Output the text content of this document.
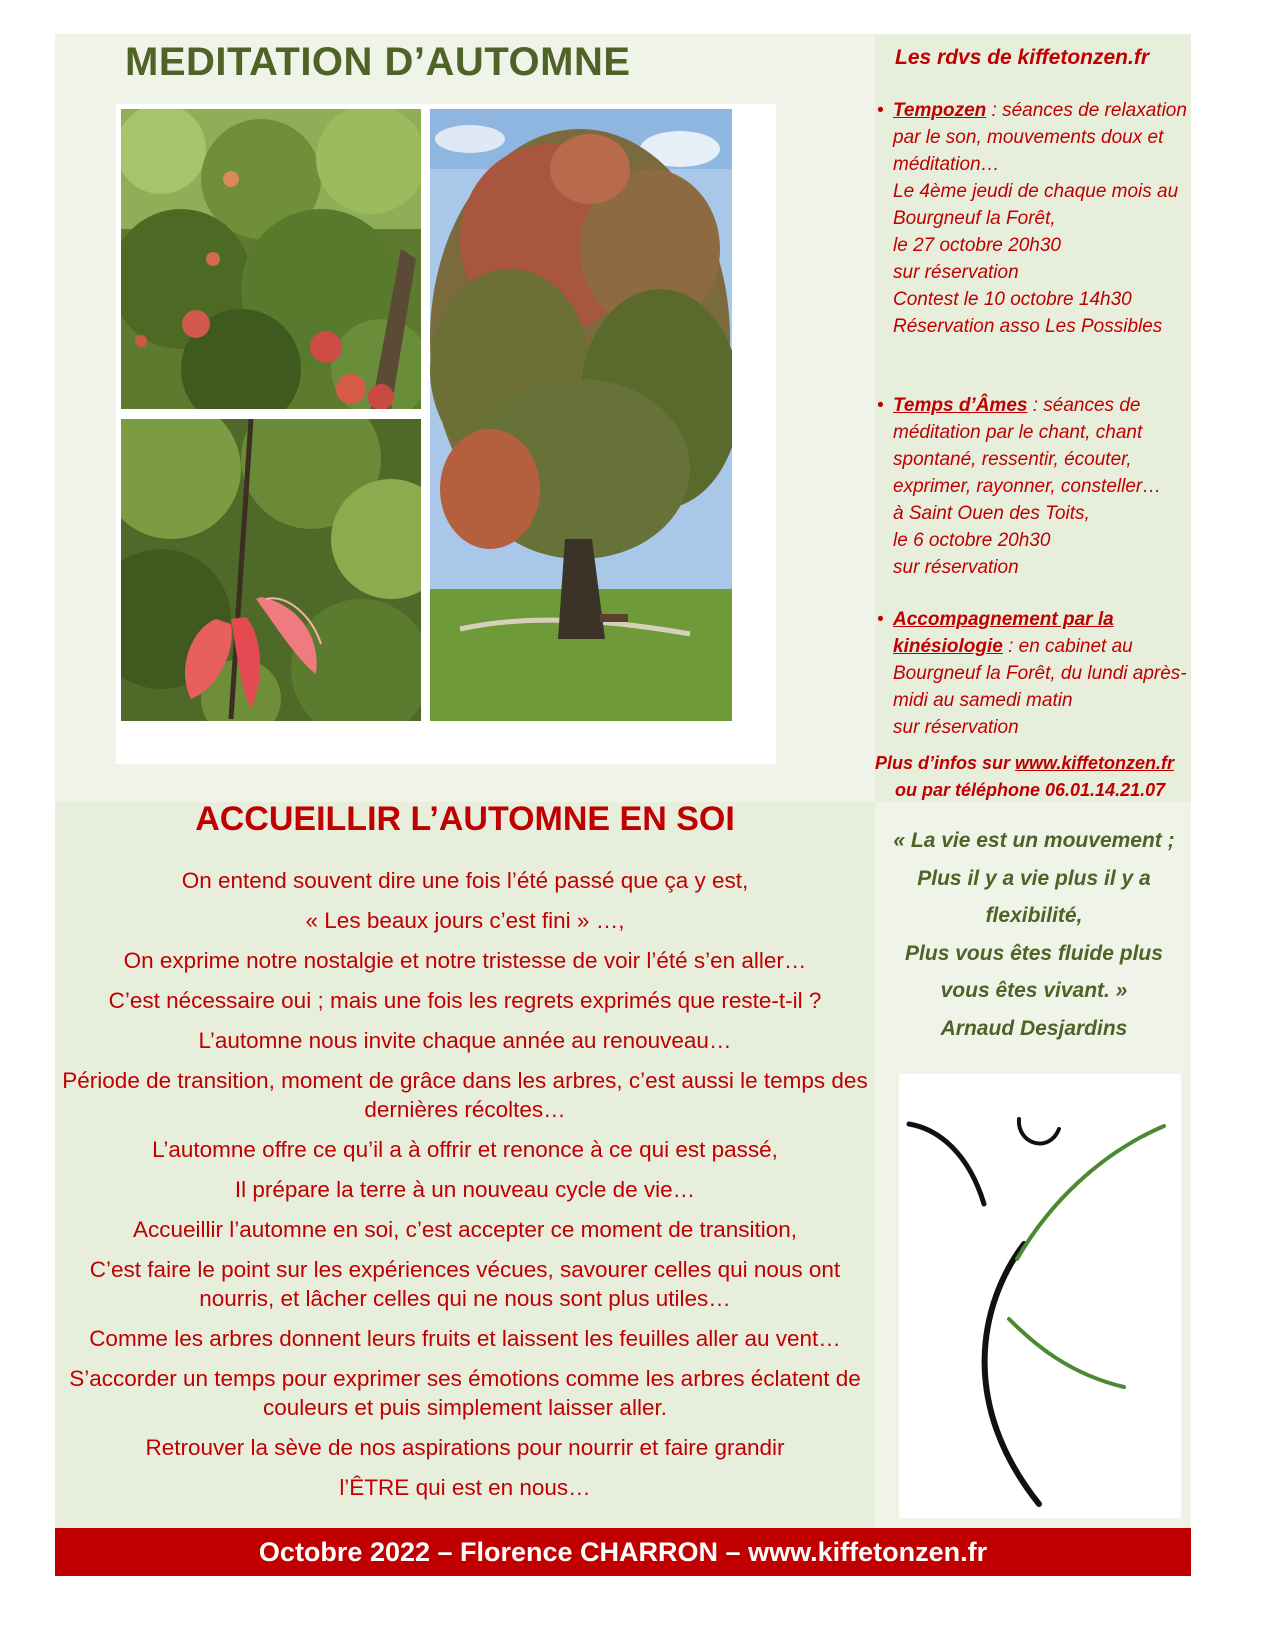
MEDITATION D’AUTOMNE	Les rdvs de kiffetonzen.fr
• Tempozen : séances de relaxation par le son, mouvements doux et méditation…
Le 4ème jeudi de chaque mois au Bourgneuf la Forêt,
le 27 octobre 20h30
sur réservation
Contest le 10 octobre 14h30
Réservation asso Les Possibles
• Temps d’Âmes : séances de méditation par le chant, chant spontané, ressentir, écouter, exprimer, rayonner, consteller…
à Saint Ouen des Toits,
le 6 octobre 20h30
sur réservation
• Accompagnement par la kinésiologie : en cabinet au Bourgneuf la Forêt, du lundi après-midi au samedi matin
sur réservation
Plus d’infos sur www.kiffetonzen.fr
ou par téléphone 06.01.14.21.07
ACCUEILLIR L’AUTOMNE EN SOI

On entend souvent dire une fois l’été passé que ça y est,

« Les beaux jours c’est fini » …,

On exprime notre nostalgie et notre tristesse de voir l’été s’en aller…

C’est nécessaire oui ; mais une fois les regrets exprimés que reste-t-il ?

L’automne nous invite chaque année au renouveau…

Période de transition, moment de grâce dans les arbres, c’est aussi le temps des dernières récoltes…

L’automne offre ce qu’il a à offrir et renonce à ce qui est passé,

Il prépare la terre à un nouveau cycle de vie…

Accueillir l’automne en soi, c’est accepter ce moment de transition,

C’est faire le point sur les expériences vécues, savourer celles qui nous ont nourris, et lâcher celles qui ne nous sont plus utiles…

Comme les arbres donnent leurs fruits et laissent les feuilles aller au vent…

S’accorder un temps pour exprimer ses émotions comme les arbres éclatent de couleurs et puis simplement laisser aller.

Retrouver la sève de nos aspirations pour nourrir et faire grandir

l’ÊTRE qui est en nous…

« La vie est un mouvement ;
Plus il y a vie plus il y a
flexibilité,
Plus vous êtes fluide plus
vous êtes vivant. »
Arnaud Desjardins
Octobre 2022 – Florence CHARRON – www.kiffetonzen.fr
